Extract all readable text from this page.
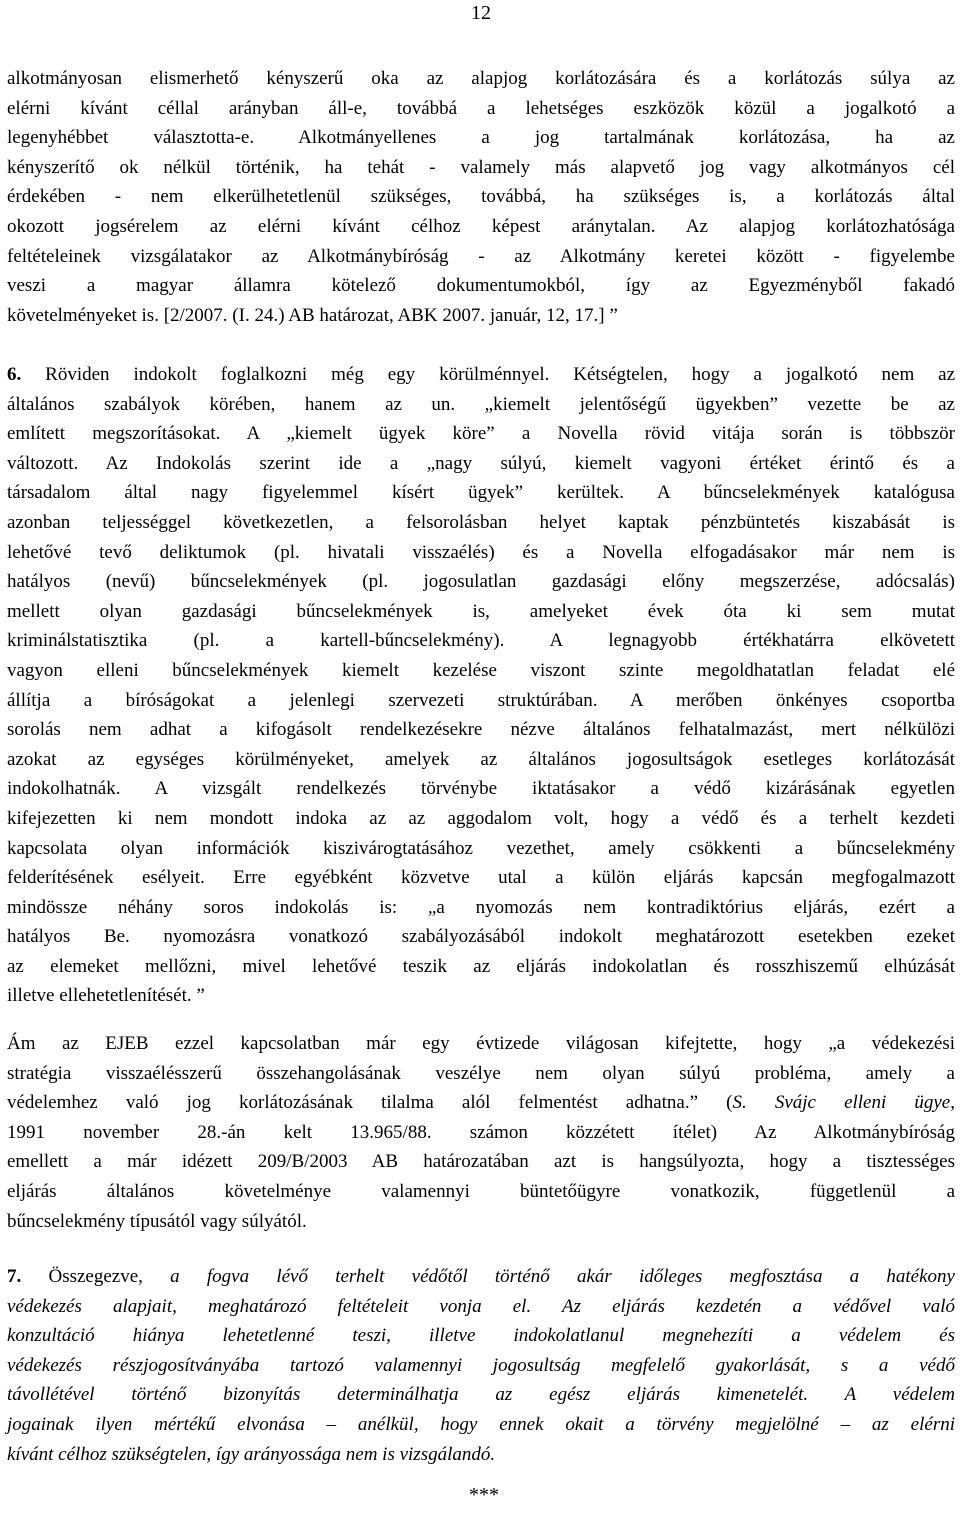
12
alkotmányosan elismerhető kényszerű oka az alapjog korlátozására és a korlátozás súlya az
elérni kívánt céllal arányban áll-e, továbbá a lehetséges eszközök közül a jogalkotó a
legenyhébbet választotta-e. Alkotmányellenes a jog tartalmának korlátozása, ha az
kényszerítő ok nélkül történik, ha tehát - valamely más alapvető jog vagy alkotmányos cél
érdekében - nem elkerülhetetlenül szükséges, továbbá, ha szükséges is, a korlátozás által
okozott jogsérelem az elérni kívánt célhoz képest aránytalan. Az alapjog korlátozhatósága
feltételeinek vizsgálatakor az Alkotmánybíróság - az Alkotmány keretei között - figyelembe
veszi a magyar államra kötelező dokumentumokból, így az Egyezményből fakadó
követelményeket is. [2/2007. (I. 24.) AB határozat, ABK 2007. január, 12, 17.] ”
6. Röviden indokolt foglalkozni még egy körülménnyel. Kétségtelen, hogy a jogalkotó nem az
általános szabályok körében, hanem az un. „kiemelt jelentőségű ügyekben” vezette be az
említett megszorításokat. A „kiemelt ügyek köre” a Novella rövid vitája során is többször
változott. Az Indokolás szerint ide a „nagy súlyú, kiemelt vagyoni értéket érintő és a
társadalom által nagy figyelemmel kísért ügyek” kerültek. A bűncselekmények katalógusa
azonban teljességgel következetlen, a felsorolásban helyet kaptak pénzbüntetés kiszabását is
lehetővé tevő deliktumok (pl. hivatali visszaélés) és a Novella elfogadásakor már nem is
hatályos (nevű) bűncselekmények (pl. jogosulatlan gazdasági előny megszerzése, adócsalás)
mellett olyan gazdasági bűncselekmények is, amelyeket évek óta ki sem mutat
kriminálstatisztika (pl. a kartell-bűncselekmény). A legnagyobb értékhatárra elkövetett
vagyon elleni bűncselekmények kiemelt kezelése viszont szinte megoldhatatlan feladat elé
állítja a bíróságokat a jelenlegi szervezeti struktúrában. A merőben önkényes csoportba
sorolás nem adhat a kifogásolt rendelkezésekre nézve általános felhatalmazást, mert nélkülözi
azokat az egységes körülményeket, amelyek az általános jogosultságok esetleges korlátozását
indokolhatnák. A vizsgált rendelkezés törvénybe iktatásakor a védő kizárásának egyetlen
kifejezetten ki nem mondott indoka az az aggodalom volt, hogy a védő és a terhelt kezdeti
kapcsolata olyan információk kiszivárogtatásához vezethet, amely csökkenti a bűncselekmény
felderítésének esélyeit. Erre egyébként közvetve utal a külön eljárás kapcsán megfogalmazott
mindössze néhány soros indokolás is: „a nyomozás nem kontradiktórius eljárás, ezért a
hatályos Be. nyomozásra vonatkozó szabályozásából indokolt meghatározott esetekben ezeket
az elemeket mellőzni, mivel lehetővé teszik az eljárás indokolatlan és rosszhiszemű elhúzását
illetve ellehetetlenítését. ”
Ám az EJEB ezzel kapcsolatban már egy évtizede világosan kifejtette, hogy „a védekezési
stratégia visszaélésszerű összehangolásának veszélye nem olyan súlyú probléma, amely a
védelemhez való jog korlátozásának tilalma alól felmentést adhatna.” (S. Svájc elleni ügye,
1991 november 28.-án kelt 13.965/88. számon közzétett ítélet) Az Alkotmánybíróság
emellett a már idézett 209/B/2003 AB határozatában azt is hangsúlyozta, hogy a tisztességes
eljárás általános követelménye valamennyi büntetőügyre vonatkozik, függetlenül a
bűncselekmény típusától vagy súlyától.
7. Összegezve, a fogva lévő terhelt védőtől történő akár időleges megfosztása a hatékony
védekezés alapjait, meghatározó feltételeit vonja el. Az eljárás kezdetén a védővel való
konzultáció hiánya lehetetlenné teszi, illetve indokolatlanul megnehezíti a védelem és
védekezés részjogosítványába tartozó valamennyi jogosultság megfelelő gyakorlását, s a védő
távollétével történő bizonyítás determinálhatja az egész eljárás kimenetelét. A védelem
jogainak ilyen mértékű elvonása – anélkül, hogy ennek okait a törvény megjelölné – az elérni
kívánt célhoz szükségtelen, így arányossága nem is vizsgálandó.
***
